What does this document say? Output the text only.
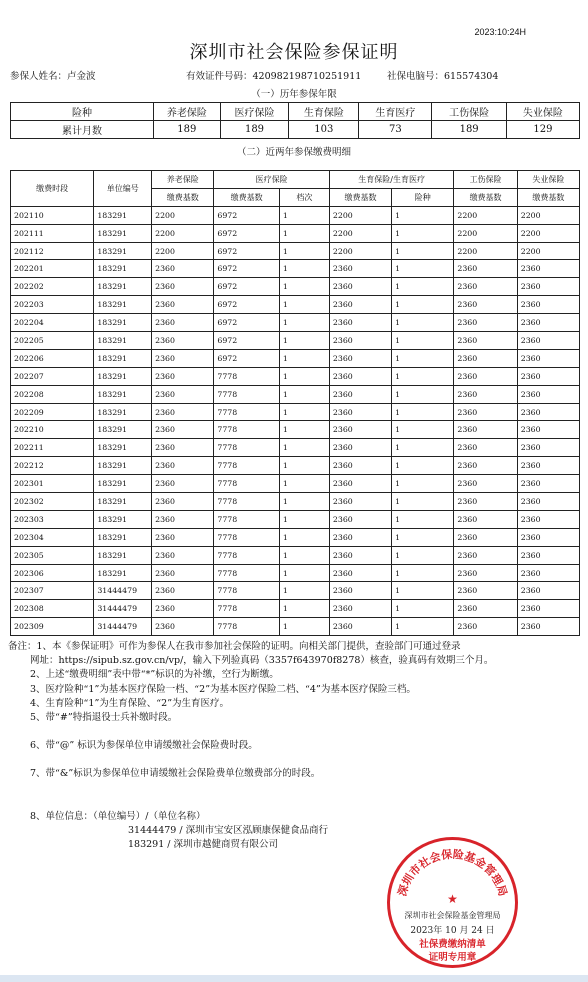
2023:10:24H
深圳市社会保险参保证明
参保人姓名：卢金波	有效证件号码：420982198710251911	社保电脑号：615574304
（一）历年参保年限
险种	养老保险	医疗保险	生育保险	生育医疗	工伤保险	失业保险
累计月数	189	189	103	73	189	129
（二）近两年参保缴费明细
缴费时段	单位编号	养老保险	医疗保险		生育保险/生育医疗		工伤保险	失业保险
		缴费基数	缴费基数	档次	缴费基数	险种	缴费基数	缴费基数
202110	183291	2200	6972	1	2200	1	2200	2200
202111	183291	2200	6972	1	2200	1	2200	2200
202112	183291	2200	6972	1	2200	1	2200	2200
202201	183291	2360	6972	1	2360	1	2360	2360
202202	183291	2360	6972	1	2360	1	2360	2360
202203	183291	2360	6972	1	2360	1	2360	2360
202204	183291	2360	6972	1	2360	1	2360	2360
202205	183291	2360	6972	1	2360	1	2360	2360
202206	183291	2360	6972	1	2360	1	2360	2360
202207	183291	2360	7778	1	2360	1	2360	2360
202208	183291	2360	7778	1	2360	1	2360	2360
202209	183291	2360	7778	1	2360	1	2360	2360
202210	183291	2360	7778	1	2360	1	2360	2360
202211	183291	2360	7778	1	2360	1	2360	2360
202212	183291	2360	7778	1	2360	1	2360	2360
202301	183291	2360	7778	1	2360	1	2360	2360
202302	183291	2360	7778	1	2360	1	2360	2360
202303	183291	2360	7778	1	2360	1	2360	2360
202304	183291	2360	7778	1	2360	1	2360	2360
202305	183291	2360	7778	1	2360	1	2360	2360
202306	183291	2360	7778	1	2360	1	2360	2360
202307	31444479	2360	7778	1	2360	1	2360	2360
202308	31444479	2360	7778	1	2360	1	2360	2360
202309	31444479	2360	7778	1	2360	1	2360	2360
备注：1、本《参保证明》可作为参保人在我市参加社会保险的证明。向相关部门提供，查验部门可通过登录
网址：https://sipub.sz.gov.cn/vp/，输入下列验真码（3357f643970f8278）核查，验真码有效期三个月。
2、上述“缴费明细”表中带“*”标识的为补缴，空行为断缴。
3、医疗险种“1”为基本医疗保险一档、“2”为基本医疗保险二档、“4”为基本医疗保险三档。
4、生育险种“1”为生育保险、“2”为生育医疗。
5、带“#”特指退役士兵补缴时段。
6、带“@” 标识为参保单位申请缓缴社会保险费时段。
7、带“&”标识为参保单位申请缓缴社会保险费单位缴费部分的时段。
8、单位信息：（单位编号）/（单位名称）
31444479 / 深圳市宝安区泓顾康保健食品商行
183291 / 深圳市越健商贸有限公司
深圳市社会保险基金管理局
★
深圳市社会保险基金管理局
2023年 10 月 24 日
社保费缴纳清单
证明专用章
